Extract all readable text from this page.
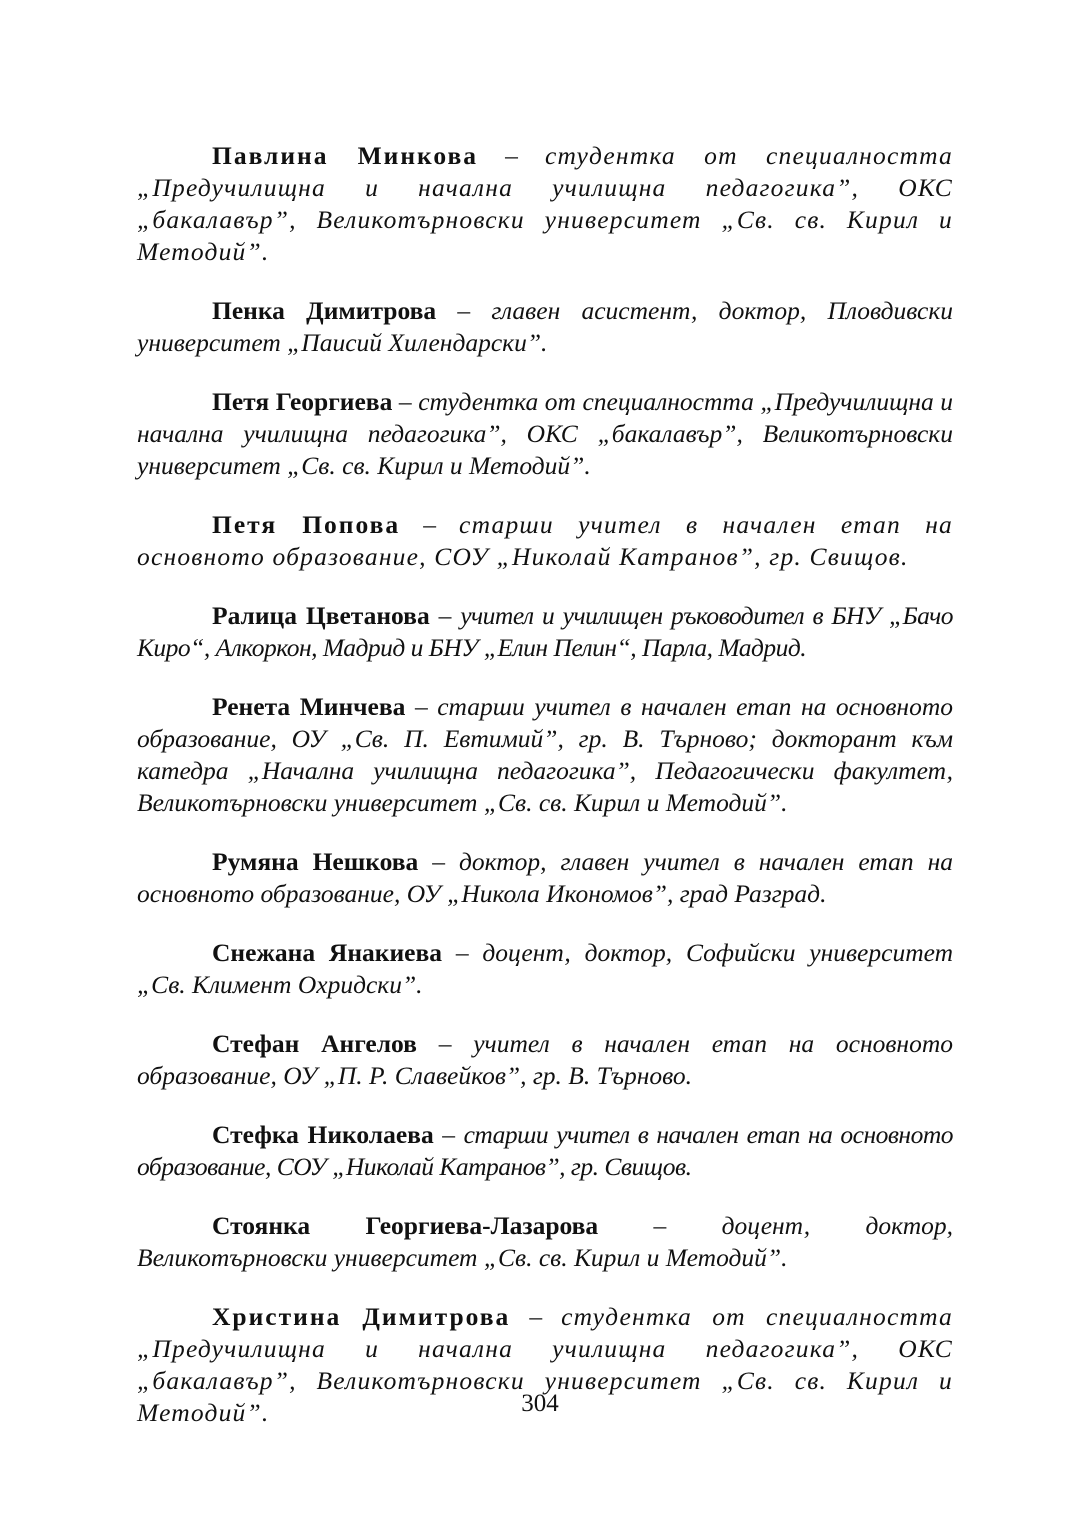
Павлина Минкова – студентка от специалността „Предучилищна и начална училищна педагогика”, ОКС „бакалавър”, Великотърновски университет „Св. св. Кирил и Методий”.

Пенка Димитрова – главен асистент, доктор, Пловдивски университет „Паисий Хилендарски”.

Петя Георгиева – студентка от специалността „Предучилищна и начална училищна педагогика”, ОКС „бакалавър”, Великотърновски университет „Св. св. Кирил и Методий”.

Петя Попова – старши учител в начален етап на основното образование, СОУ „Николай Катранов”, гр. Свищов.

Ралица Цветанова – учител и училищен ръководител в БНУ „Бачо Киро“, Алкоркон, Мадрид и БНУ „Елин Пелин“, Парла, Мадрид.

Ренета Минчева – старши учител в начален етап на основното образование, ОУ „Св. П. Евтимий”, гр. В. Търново; докторант към катедра „Начална училищна педагогика”, Педагогически факултет, Великотърновски университет „Св. св. Кирил и Методий”.

Румяна Нешкова – доктор, главен учител в начален етап на основното образование, ОУ „Никола Икономов”, град Разград.

Снежана Янакиева – доцент, доктор, Софийски университет „Св. Климент Охридски”.

Стефан Ангелов – учител в начален етап на основното образование, ОУ „П. Р. Славейков”, гр. В. Търново.

Стефка Николаева – старши учител в начален етап на основното образование, СОУ „Николай Катранов”, гр. Свищов.

Стоянка Георгиева-Лазарова – доцент, доктор, Великотърновски университет „Св. св. Кирил и Методий”.

Христина Димитрова – студентка от специалността „Предучилищна и начална училищна педагогика”, ОКС „бакалавър”, Великотърновски университет „Св. св. Кирил и Методий”.	304
